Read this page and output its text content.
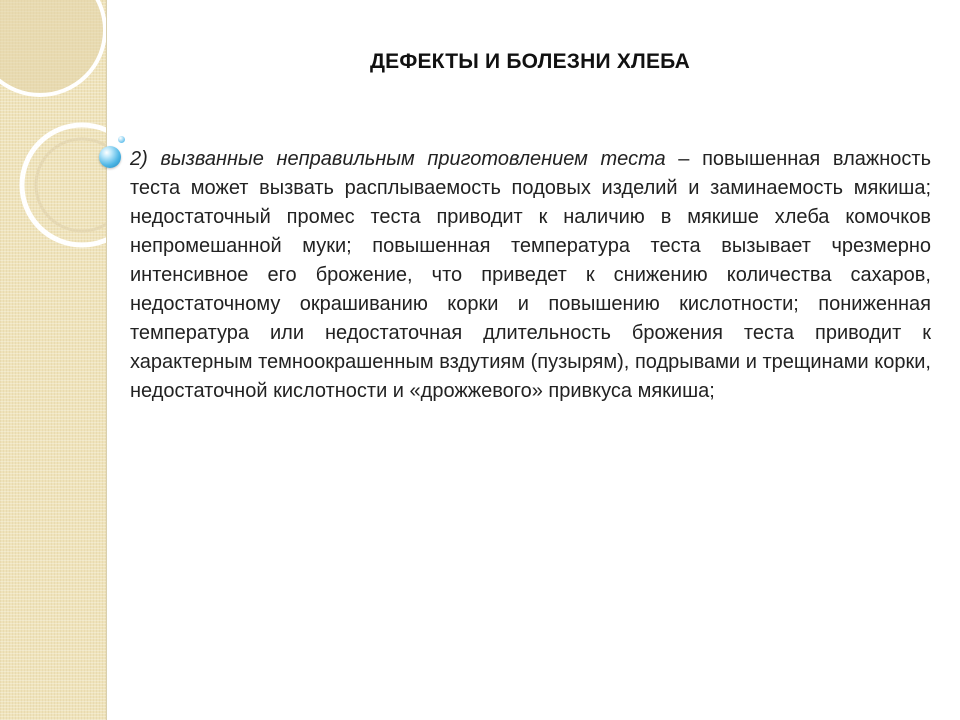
ДЕФЕКТЫ И БОЛЕЗНИ ХЛЕБА
2) вызванные неправильным приготовлением теста – повышенная влажность теста может вызвать расплываемость подовых изделий и заминаемость мякиша; недостаточный промес теста приводит к наличию в мякише хлеба комочков непромешанной муки; повышенная температура теста вызывает чрезмерно интенсивное его брожение, что приведет к снижению количества сахаров, недостаточному окрашиванию корки и повышению кислотности; пониженная температура или недостаточная длительность брожения теста приводит к характерным темноокрашенным вздутиям (пузырям), подрывами и трещинами корки, недостаточной кислотности и «дрожжевого» привкуса мякиша;
